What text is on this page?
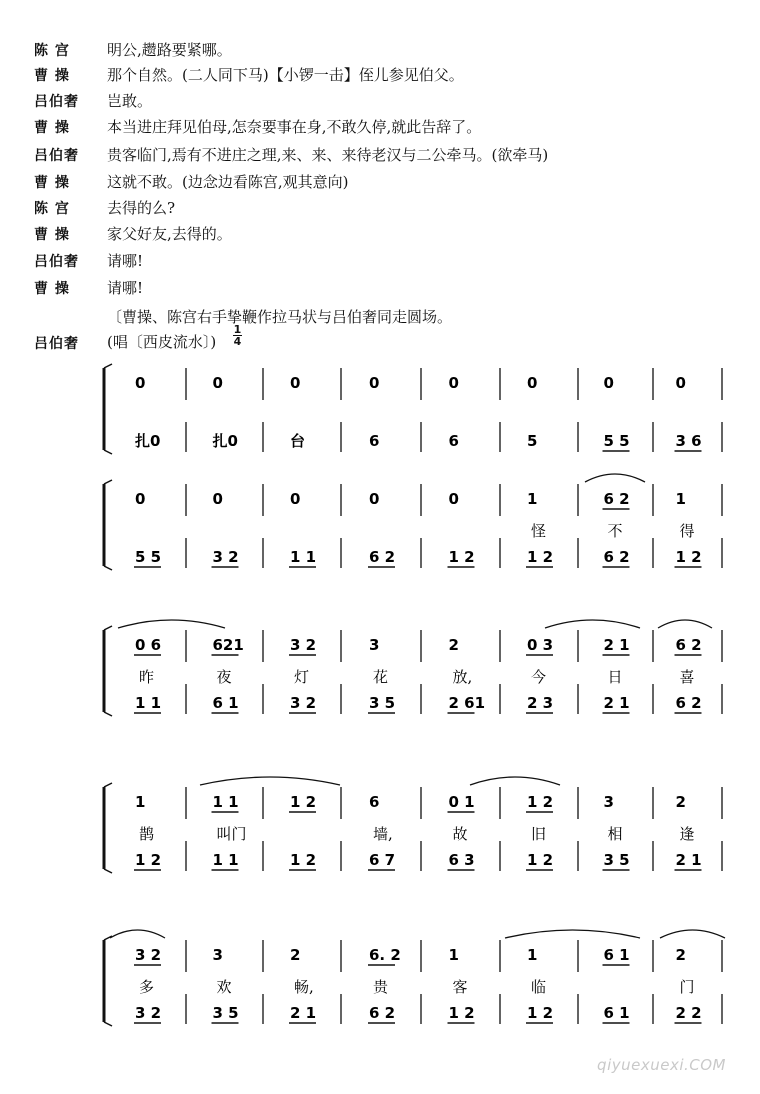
陈 宫 明公,趱路要紧哪。
曹 操 那个自然。(二人同下马)【小锣一击】侄儿参见伯父。
吕伯奢 岂敢。
曹 操 本当进庄拜见伯母,怎奈要事在身,不敢久停,就此告辞了。
吕伯奢 贵客临门,焉有不进庄之理,来、来、来待老汉与二公牵马。(欲牵马)
曹 操 这就不敢。(边念边看陈宫,观其意向)
陈 宫 去得的么?
曹 操 家父好友,去得的。
吕伯奢 请哪!
曹 操 请哪!
〔曹操、陈宫右手挚鞭作拉马状与吕伯奢同走圆场。
吕伯奢 (唱〔西皮流水〕)
1
4
0
扎0
0
扎0
0
台
0
6
0
6
0
5
0
5 5
0
3 6
0
5 5
0
3 2
0
1 1
0
6 2
0
1 2
1
怪
1 2
6 2
不
6 2
1
得
1 2
0 6
昨
1 1
621
夜
6 1
3 2
灯
3 2
3
花
3 5
2
放,
2 61
0 3
今
2 3
2 1
日
2 1
6 2
喜
6 2
1
鹊
1 2
1 1
叫门
1 1
1 2
1 2
6
墙,
6 7
0 1
故
6 3
1 2
旧
1 2
3
相
3 5
2
逢
2 1
3 2
多
3 2
3
欢
3 5
2
畅,
2 1
6. 2
贵
6 2
1
客
1 2
1
临
1 2
6 1
6 1
2
门
2 2
qiyuexuexi.COM
